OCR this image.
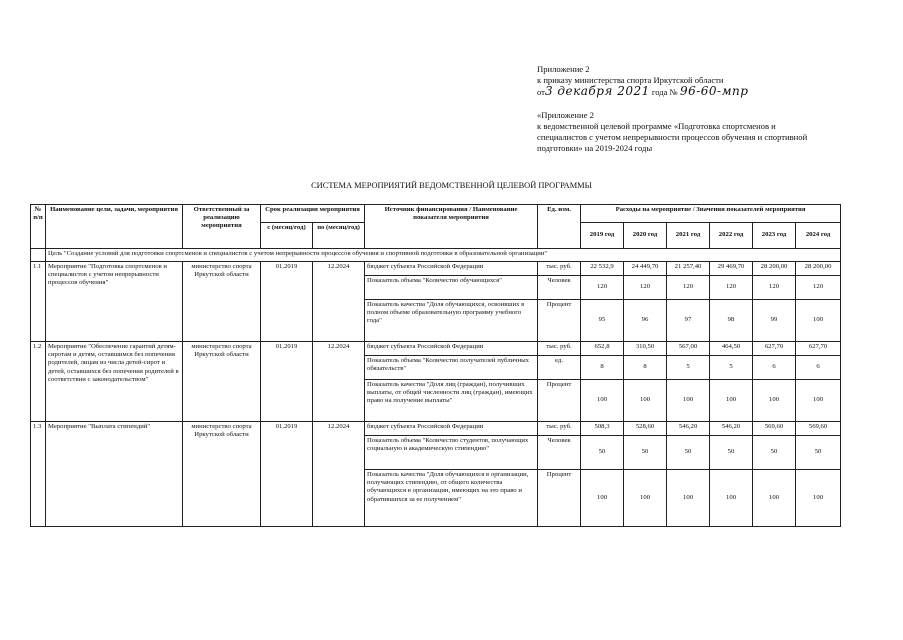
Приложение 2
к приказу министерства спорта Иркутской области
от3 декабря 2021 года № 96-60-мпр
«Приложение 2
к ведомственной целевой программе «Подготовка спортсменов и
специалистов с учетом непрерывности процессов обучения и спортивной
подготовки» на 2019-2024 годы
СИСТЕМА МЕРОПРИЯТИЙ ВЕДОМСТВЕННОЙ ЦЕЛЕВОЙ ПРОГРАММЫ
№ п/п	Наименование цели, задачи, мероприятия	Ответственный за реализацию мероприятия	Срок реализации мероприятия		Источник финансирования / Наименование показателя мероприятия	Ед. изм.	Расходы на мероприятие / Значения показателей мероприятия					
			с (месяц/год)	по (месяц/год)			2019 год	2020 год	2021 год	2022 год	2023 год	2024 год
	Цель "Создание условий для подготовки спортсменов и специалистов с учетом непрерывности процессов обучения и спортивной подготовки в образовательной организации"											
1.1	Мероприятие "Подготовка спортсменов и специалистов с учетом непрерывности процессов обучения"	министерство спорта Иркутской области	01.2019	12.2024	бюджет субъекта Российской Федерации	тыс. руб.	22 532,9	24 449,70	21 257,40	29 469,70	28 200,00	28 200,00
					Показатель объема "Количество обучающихся"	Человек	120	120	120	120	120	120
					Показатель качества "Доля обучающихся, освоивших в полном объеме образовательную программу учебного года"	Процент	95	96	97	98	99	100
1.2	Мероприятие "Обеспечение гарантий детям-сиротам и детям, оставшимся без попечения родителей, лицам из числа детей-сирот и детей, оставшихся без попечения родителей в соответствии с законодательством"	министерство спорта Иркутской области	01.2019	12.2024	бюджет субъекта Российской Федерации	тыс. руб.	652,8	310,50	567,00	464,50	627,70	627,70
					Показатель объема "Количество получателей публичных обязательств"	ед.	8	8	5	5	6	6
					Показатель качества "Доля лиц (граждан), получивших выплаты, от общей численности лиц (граждан), имеющих право на получение выплаты"	Процент	100	100	100	100	100	100
1.3	Мероприятие "Выплата стипендий"	министерство спорта Иркутской области	01.2019	12.2024	бюджет субъекта Российской Федерации	тыс. руб.	508,3	528,60	546,20	546,20	569,60	569,60
					Показатель объема "Количество студентов, получающих социальную и академическую стипендию"	Человек	50	50	50	50	50	50
					Показатель качества "Доля обучающихся в организации, получающих стипендию, от общего количества обучающихся в организации, имеющих на это право и обратившихся за ее получением"	Процент	100	100	100	100	100	100
